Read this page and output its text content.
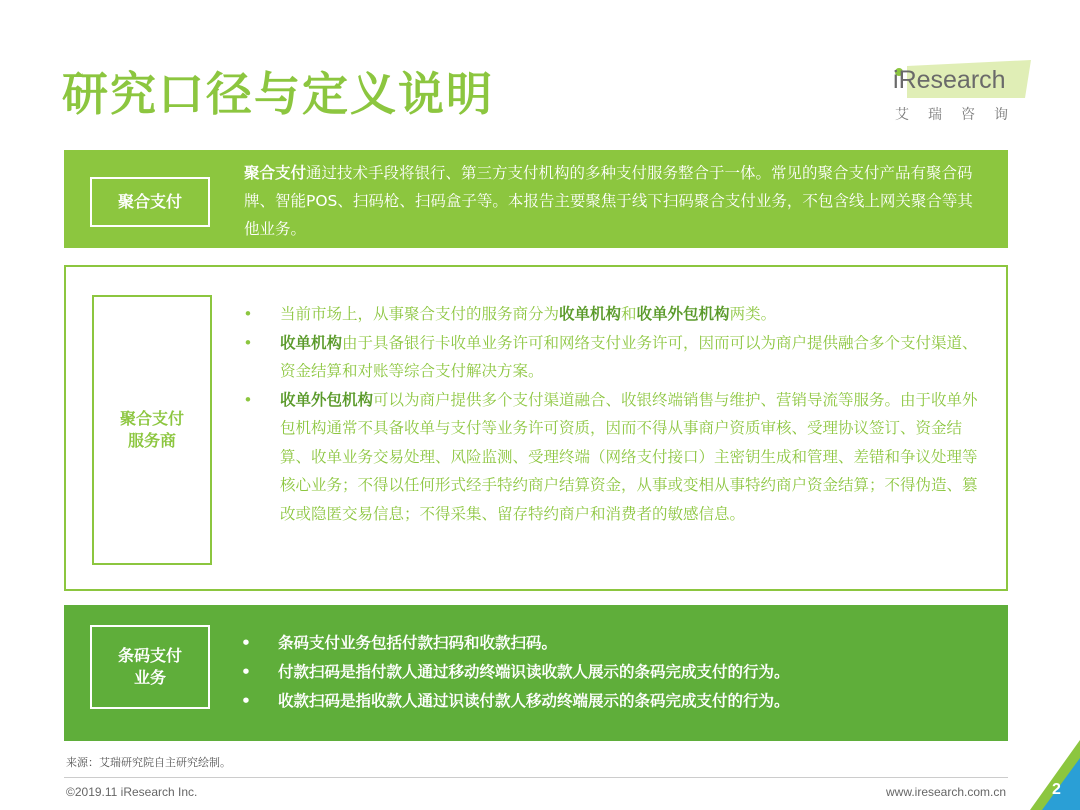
研究口径与定义说明	iResearch
艾瑞咨询
聚合支付
聚合支付通过技术手段将银行、第三方支付机构的多种支付服务整合于一体。常见的聚合支付产品有聚合码牌、智能POS、扫码枪、扫码盒子等。本报告主要聚焦于线下扫码聚合支付业务，不包含线上网关聚合等其他业务。
聚合支付
服务商
• 当前市场上，从事聚合支付的服务商分为收单机构和收单外包机构两类。
• 收单机构由于具备银行卡收单业务许可和网络支付业务许可，因而可以为商户提供融合多个支付渠道、资金结算和对账等综合支付解决方案。
• 收单外包机构可以为商户提供多个支付渠道融合、收银终端销售与维护、营销导流等服务。由于收单外包机构通常不具备收单与支付等业务许可资质，因而不得从事商户资质审核、受理协议签订、资金结算、收单业务交易处理、风险监测、受理终端（网络支付接口）主密钥生成和管理、差错和争议处理等核心业务；不得以任何形式经手特约商户结算资金，从事或变相从事特约商户资金结算；不得伪造、篡改或隐匿交易信息；不得采集、留存特约商户和消费者的敏感信息。
条码支付
业务
• 条码支付业务包括付款扫码和收款扫码。
• 付款扫码是指付款人通过移动终端识读收款人展示的条码完成支付的行为。
• 收款扫码是指收款人通过识读付款人移动终端展示的条码完成支付的行为。
来源：艾瑞研究院自主研究绘制。
©2019.11 iResearch Inc.	www.iresearch.com.cn	2
